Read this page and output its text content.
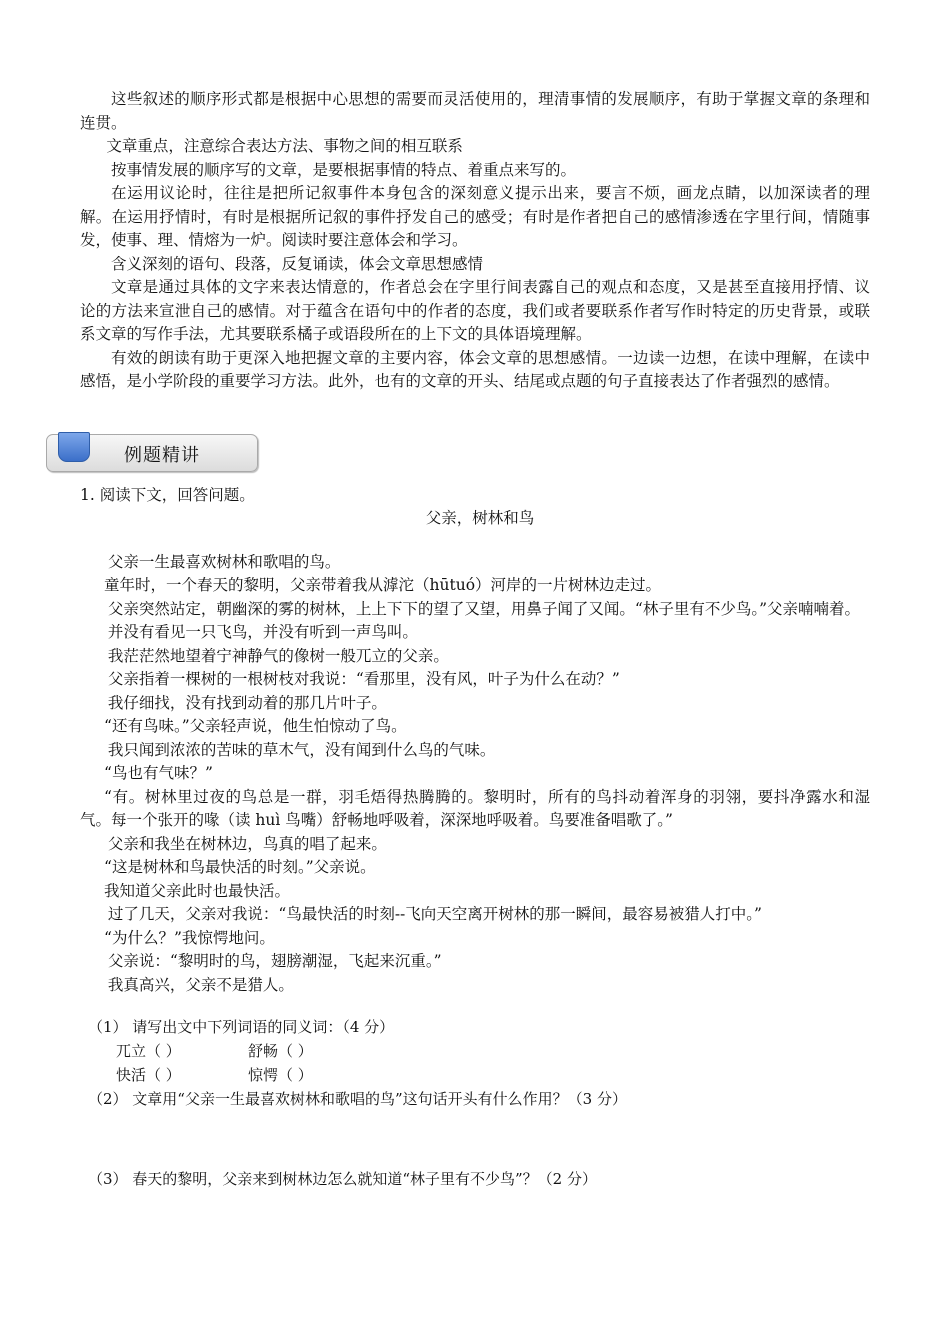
这些叙述的顺序形式都是根据中心思想的需要而灵活使用的，理清事情的发展顺序，有助于掌握文章的条理和连贯。

文章重点，注意综合表达方法、事物之间的相互联系

按事情发展的顺序写的文章，是要根据事情的特点、着重点来写的。

在运用议论时，往往是把所记叙事件本身包含的深刻意义提示出来，要言不烦，画龙点睛，以加深读者的理解。在运用抒情时，有时是根据所记叙的事件抒发自己的感受；有时是作者把自己的感情渗透在字里行间，情随事发，使事、理、情熔为一炉。阅读时要注意体会和学习。

含义深刻的语句、段落，反复诵读，体会文章思想感情

文章是通过具体的文字来表达情意的，作者总会在字里行间表露自己的观点和态度，又是甚至直接用抒情、议论的方法来宣泄自己的感情。对于蕴含在语句中的作者的态度，我们或者要联系作者写作时特定的历史背景，或联系文章的写作手法，尤其要联系橘子或语段所在的上下文的具体语境理解。

有效的朗读有助于更深入地把握文章的主要内容，体会文章的思想感情。一边读一边想，在读中理解，在读中感悟，是小学阶段的重要学习方法。此外，也有的文章的开头、结尾或点题的句子直接表达了作者强烈的感情。

例题精讲

1. 阅读下文，回答问题。

父亲，树林和鸟

父亲一生最喜欢树林和歌唱的鸟。

童年时，一个春天的黎明，父亲带着我从滹沱（hūtuó）河岸的一片树林边走过。

父亲突然站定，朝幽深的雾的树林，上上下下的望了又望，用鼻子闻了又闻。“林子里有不少鸟。”父亲喃喃着。

并没有看见一只飞鸟，并没有听到一声鸟叫。

我茫茫然地望着宁神静气的像树一般兀立的父亲。

父亲指着一棵树的一根树枝对我说：“看那里，没有风，叶子为什么在动？”

我仔细找，没有找到动着的那几片叶子。

“还有鸟味。”父亲轻声说，他生怕惊动了鸟。

我只闻到浓浓的苦味的草木气，没有闻到什么鸟的气味。

“鸟也有气味？”

“有。树林里过夜的鸟总是一群，羽毛焐得热腾腾的。黎明时，所有的鸟抖动着浑身的羽翎，要抖净露水和湿气。每一个张开的喙（读 huì 鸟嘴）舒畅地呼吸着，深深地呼吸着。鸟要准备唱歌了。”

父亲和我坐在树林边，鸟真的唱了起来。

“这是树林和鸟最快活的时刻。”父亲说。

我知道父亲此时也最快活。

过了几天，父亲对我说：“鸟最快活的时刻--飞向天空离开树林的那一瞬间，最容易被猎人打中。”

“为什么？”我惊愕地问。

父亲说：“黎明时的鸟，翅膀潮湿，飞起来沉重。”

我真高兴，父亲不是猎人。

（1） 请写出文中下列词语的同义词：（4 分）

兀立（ ）	舒畅（ ）

快活（ ）	惊愕（ ）

（2） 文章用“父亲一生最喜欢树林和歌唱的鸟”这句话开头有什么作用？（3 分）

（3） 春天的黎明，父亲来到树林边怎么就知道“林子里有不少鸟”？（2 分）
